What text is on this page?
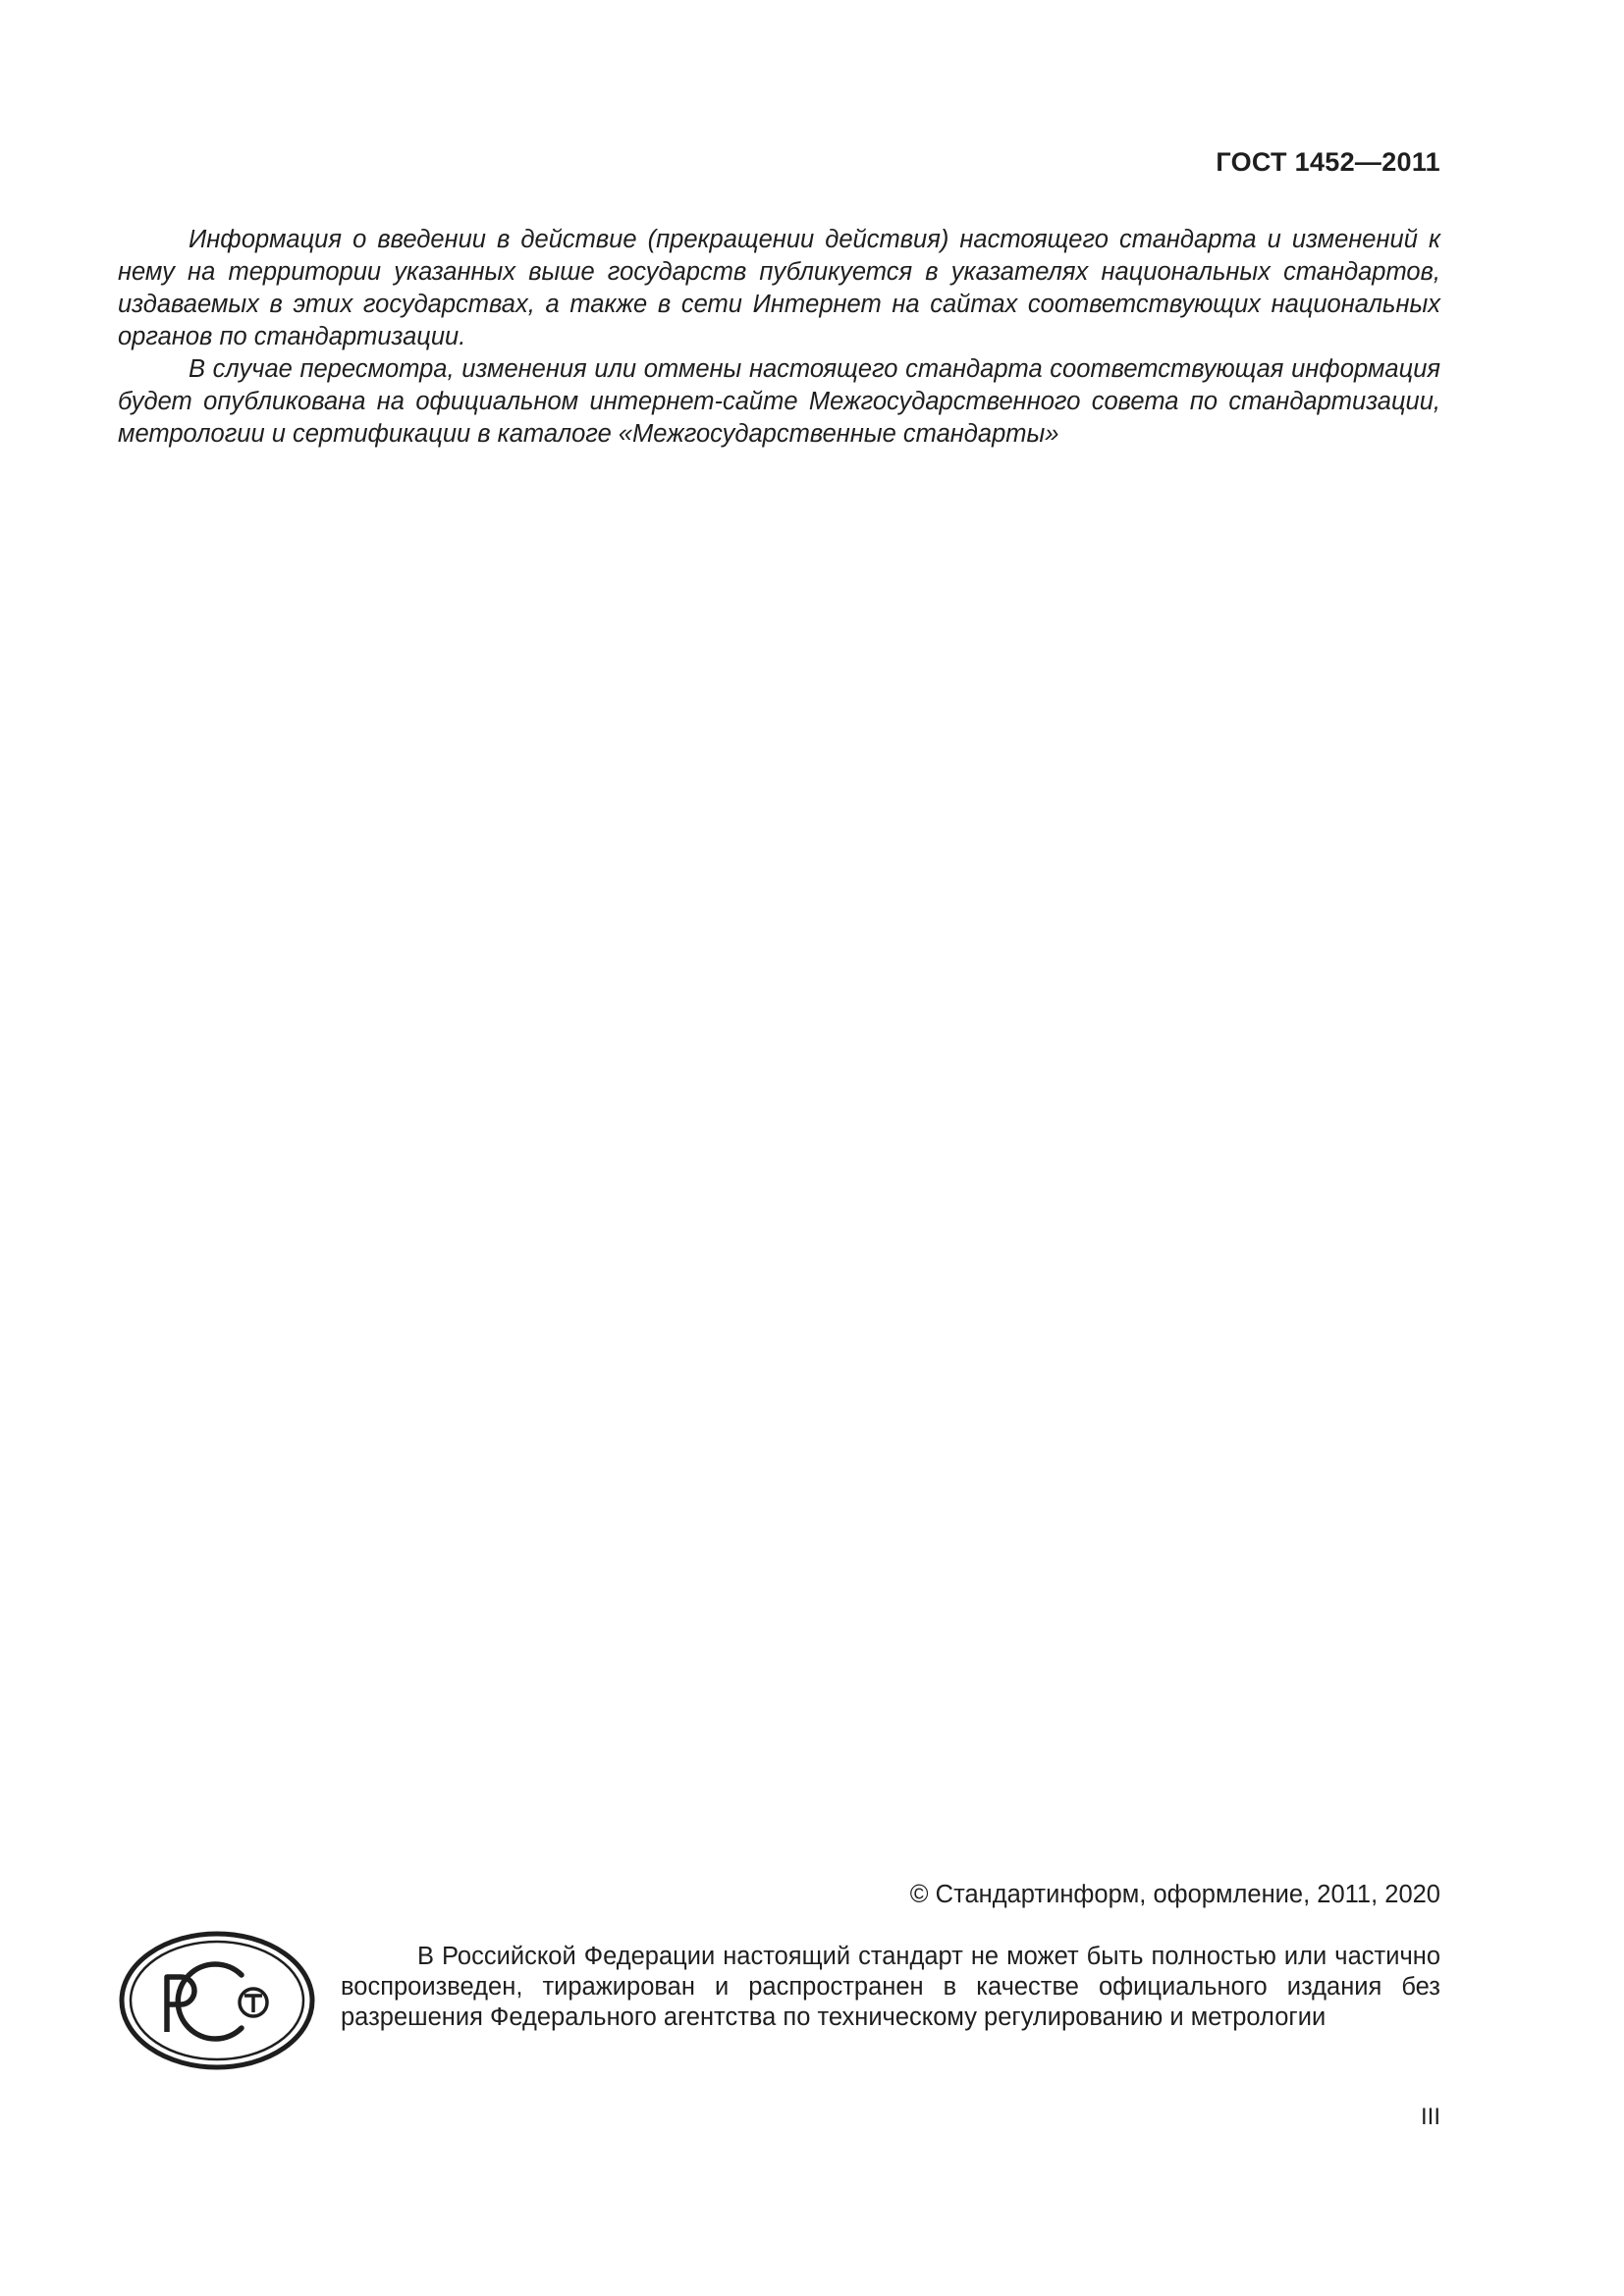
ГОСТ 1452—2011

Информация о введении в действие (прекращении действия) настоящего стандарта и изменений к нему на территории указанных выше государств публикуется в указателях национальных стандартов, издаваемых в этих государствах, а также в сети Интернет на сайтах соответствующих национальных органов по стандартизации.

В случае пересмотра, изменения или отмены настоящего стандарта соответствующая информация будет опубликована на официальном интернет-сайте Межгосударственного совета по стандартизации, метрологии и сертификации в каталоге «Межгосударственные стандарты»

© Стандартинформ, оформление, 2011, 2020

В Российской Федерации настоящий стандарт не может быть полностью или частично воспроизведен, тиражирован и распространен в качестве официального издания без разрешения Федерального агентства по техническому регулированию и метрологии

III
